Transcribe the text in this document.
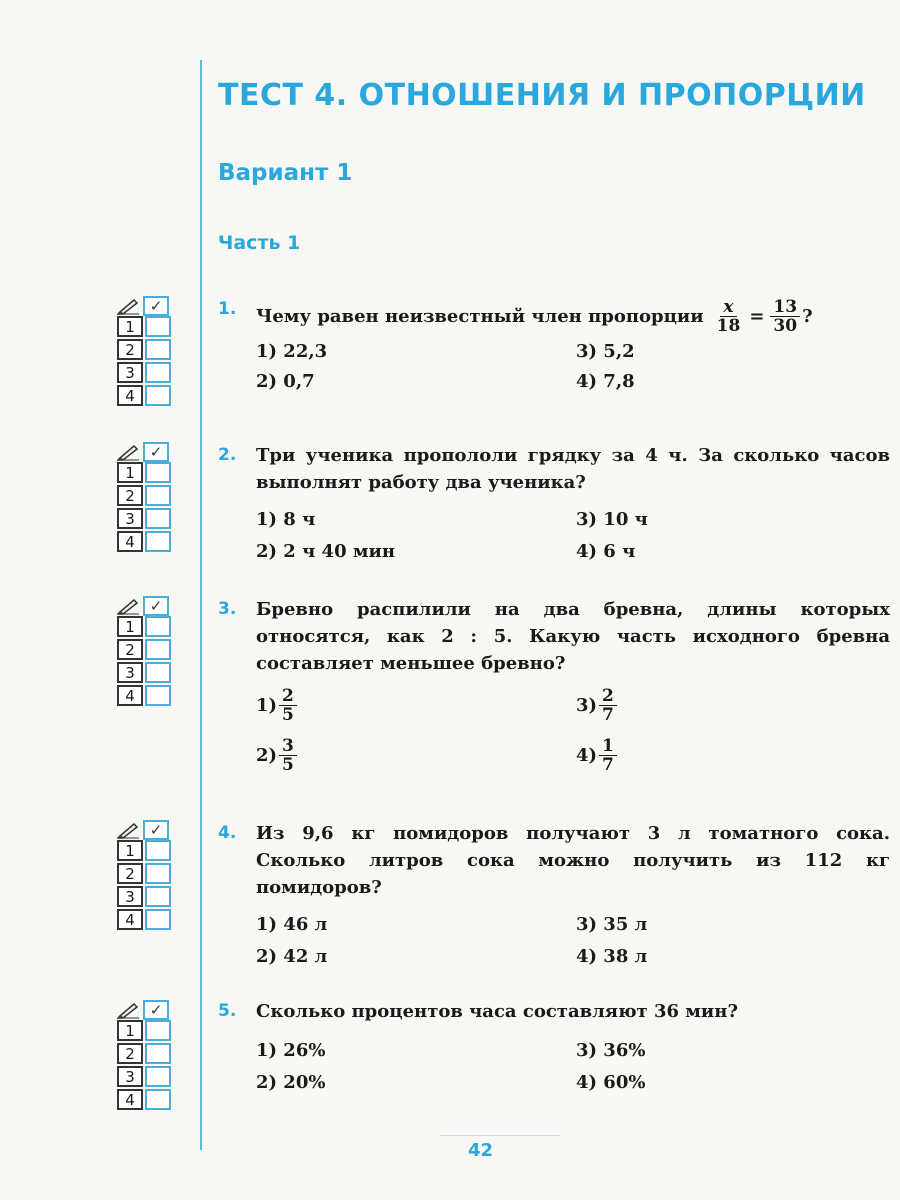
ТЕСТ 4. ОТНОШЕНИЯ И ПРОПОРЦИИ
Вариант 1
Часть 1
✓
1
2
3
4
✓
1
2
3
4
✓
1
2
3
4
✓
1
2
3
4
✓
1
2
3
4
1. Чему равен неизвестный член пропорции $\frac{x}{18} = \frac{13}{30}$ ?
1) 22,3	3) 5,2
2) 0,7	4) 7,8
2. Три ученика пропололи грядку за 4 ч. За сколько часов выполнят работу два ученика?
1) 8 ч	3) 10 ч
2) 2 ч 40 мин	4) 6 ч
3. Бревно распилили на два бревна, длины которых относятся, как 2 : 5. Какую часть исходного бревна составляет меньшее бревно?
$1) \frac{2}{5}$	$3) \frac{2}{7}$
$2) \frac{3}{5}$	$4) \frac{1}{7}$
4. Из 9,6 кг помидоров получают 3 л томатного сока. Сколько литров сока можно получить из 112 кг помидоров?
1) 46 л	3) 35 л
2) 42 л	4) 38 л
5. Сколько процентов часа составляют 36 мин?
1) 26%	3) 36%
2) 20%	4) 60%
42
